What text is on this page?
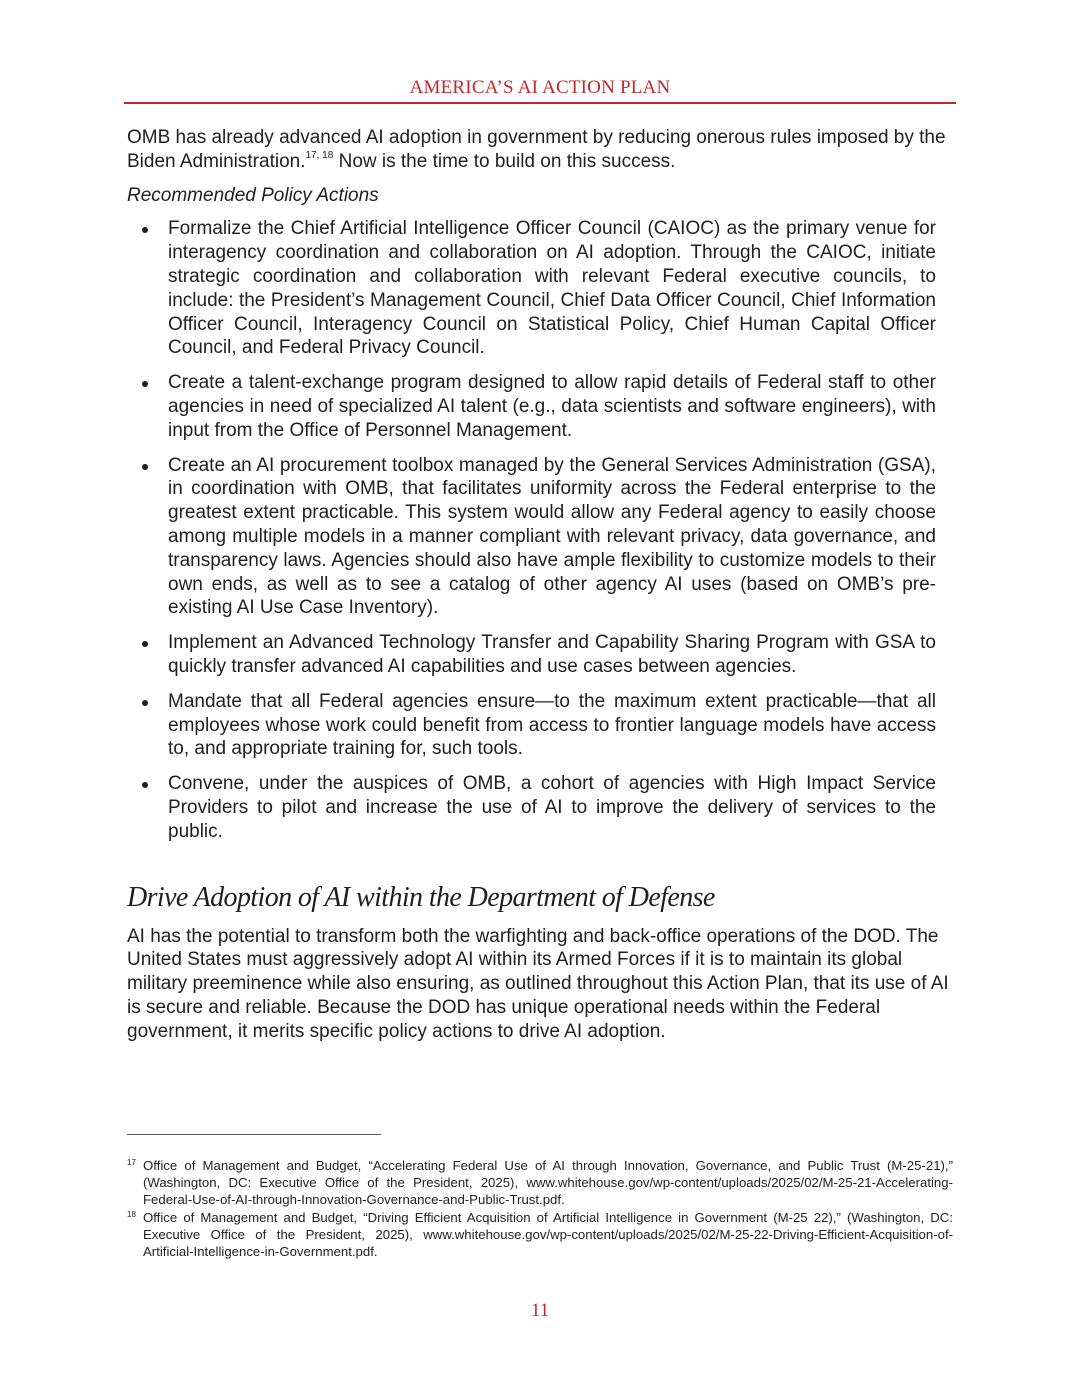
AMERICA’S AI ACTION PLAN

OMB has already advanced AI adoption in government by reducing onerous rules imposed by the Biden Administration.$^{17, 18}$ Now is the time to build on this success.

Recommended Policy Actions

Formalize the Chief Artificial Intelligence Officer Council (CAIOC) as the primary venue for interagency coordination and collaboration on AI adoption. Through the CAIOC, initiate strategic coordination and collaboration with relevant Federal executive councils, to include: the President’s Management Council, Chief Data Officer Council, Chief Information Officer Council, Interagency Council on Statistical Policy, Chief Human Capital Officer Council, and Federal Privacy Council.
Create a talent-exchange program designed to allow rapid details of Federal staff to other agencies in need of specialized AI talent (e.g., data scientists and software engineers), with input from the Office of Personnel Management.
Create an AI procurement toolbox managed by the General Services Administration (GSA), in coordination with OMB, that facilitates uniformity across the Federal enterprise to the greatest extent practicable. This system would allow any Federal agency to easily choose among multiple models in a manner compliant with relevant privacy, data governance, and transparency laws. Agencies should also have ample flexibility to customize models to their own ends, as well as to see a catalog of other agency AI uses (based on OMB’s pre-existing AI Use Case Inventory).
Implement an Advanced Technology Transfer and Capability Sharing Program with GSA to quickly transfer advanced AI capabilities and use cases between agencies.
Mandate that all Federal agencies ensure—to the maximum extent practicable—that all employees whose work could benefit from access to frontier language models have access to, and appropriate training for, such tools.
Convene, under the auspices of OMB, a cohort of agencies with High Impact Service Providers to pilot and increase the use of AI to improve the delivery of services to the public.
Drive Adoption of AI within the Department of Defense

AI has the potential to transform both the warfighting and back-office operations of the DOD. The United States must aggressively adopt AI within its Armed Forces if it is to maintain its global military preeminence while also ensuring, as outlined throughout this Action Plan, that its use of AI is secure and reliable. Because the DOD has unique operational needs within the Federal government, it merits specific policy actions to drive AI adoption.

17 Office of Management and Budget, “Accelerating Federal Use of AI through Innovation, Governance, and Public Trust (M-25-21),” (Washington, DC: Executive Office of the President, 2025), www.whitehouse.gov/wp-content/uploads/2025/02/M-25-21-Accelerating-Federal-Use-of-AI-through-Innovation-Governance-and-Public-Trust.pdf.
18 Office of Management and Budget, “Driving Efficient Acquisition of Artificial Intelligence in Government (M-25 22),” (Washington, DC: Executive Office of the President, 2025), www.whitehouse.gov/wp-content/uploads/2025/02/M-25-22-Driving-Efficient-Acquisition-of-Artificial-Intelligence-in-Government.pdf.
11
